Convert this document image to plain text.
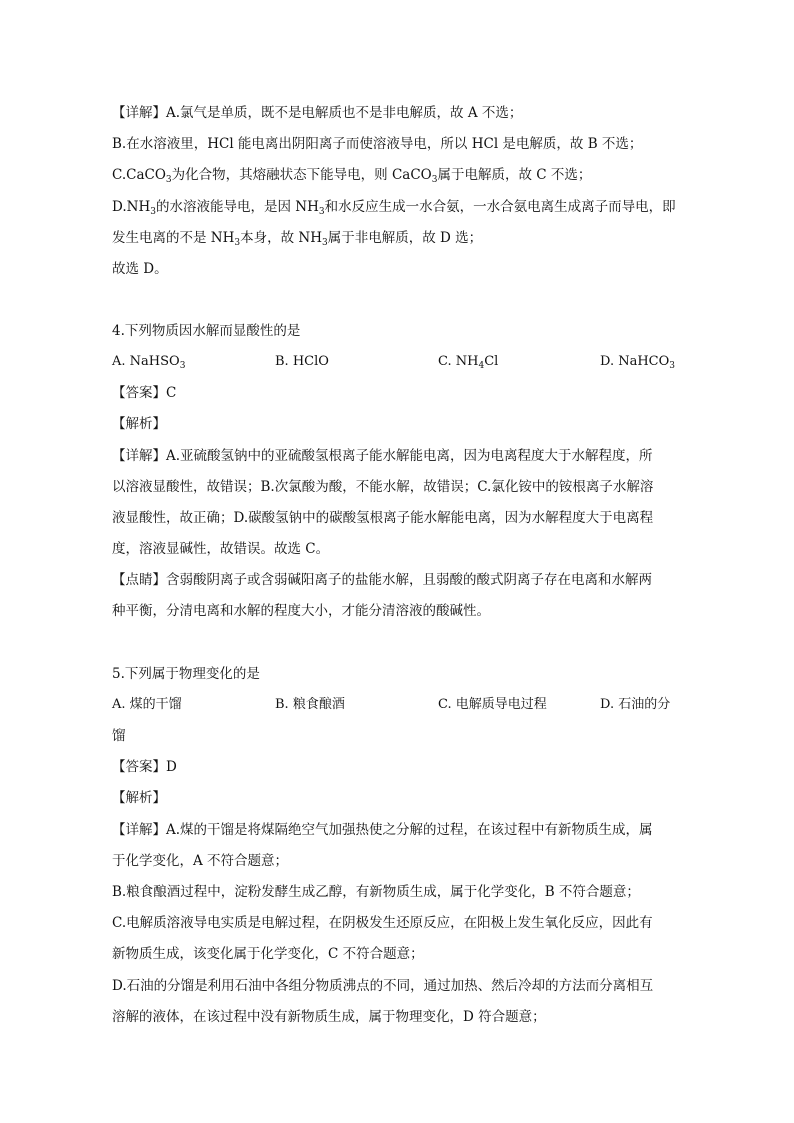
【详解】A.氯气是单质，既不是电解质也不是非电解质，故 A 不选；
B.在水溶液里，HCl 能电离出阴阳离子而使溶液导电，所以 HCl 是电解质，故 B 不选；
C.CaCO$_3$为化合物，其熔融状态下能导电，则 CaCO$_3$属于电解质，故 C 不选；
$D.NH_3$的水溶液能导电，是因 $NH_3$和水反应生成一水合氨，一水合氨电离生成离子而导电，即
发生电离的不是 $NH_3$本身，故 $NH_3$属于非电解质，故 D 选；
故选 D。
4.下列物质因水解而显酸性的是
A. NaHSO$_3$	B. HClO	C. $NH_4Cl$	D. NaHCO$_3$
【答案】C
【解析】
【详解】A.亚硫酸氢钠中的亚硫酸氢根离子能水解能电离，因为电离程度大于水解程度，所
以溶液显酸性，故错误；B.次氯酸为酸，不能水解，故错误；C.氯化铵中的铵根离子水解溶
液显酸性，故正确；D.碳酸氢钠中的碳酸氢根离子能水解能电离，因为水解程度大于电离程
度，溶液显碱性，故错误。故选 C。
【点睛】含弱酸阴离子或含弱碱阳离子的盐能水解，且弱酸的酸式阴离子存在电离和水解两
种平衡，分清电离和水解的程度大小，才能分清溶液的酸碱性。
5.下列属于物理变化的是
A. 煤的干馏	B. 粮食酿酒	C. 电解质导电过程	D. 石油的分
馏
【答案】D
【解析】
【详解】A.煤的干馏是将煤隔绝空气加强热使之分解的过程，在该过程中有新物质生成，属
于化学变化，A 不符合题意；
B.粮食酿酒过程中，淀粉发酵生成乙醇，有新物质生成，属于化学变化，B 不符合题意；
C.电解质溶液导电实质是电解过程，在阴极发生还原反应，在阳极上发生氧化反应，因此有
新物质生成，该变化属于化学变化，C 不符合题意；
D.石油的分馏是利用石油中各组分物质沸点的不同，通过加热、然后冷却的方法而分离相互
溶解的液体，在该过程中没有新物质生成，属于物理变化，D 符合题意；
